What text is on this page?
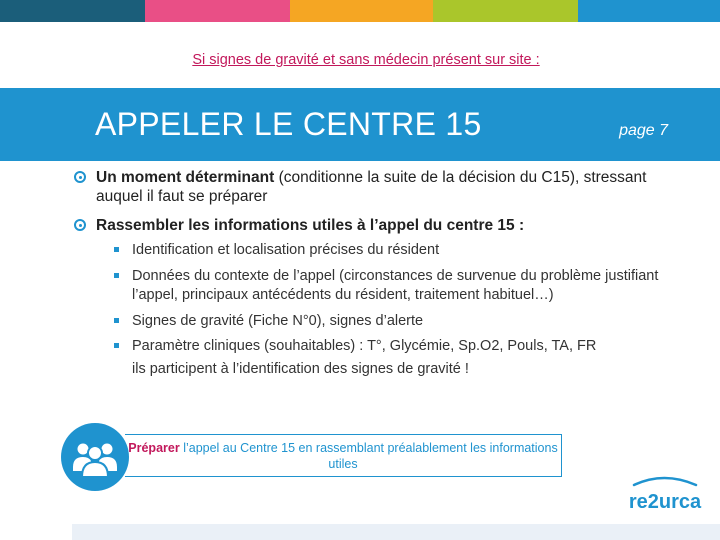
Si signes de gravité et sans médecin présent sur site :
APPELER LE CENTRE 15	page 7
Un moment déterminant (conditionne la suite de la décision du C15), stressant auquel il faut se préparer
Rassembler les informations utiles à l’appel du centre 15 :
Identification et localisation précises du résident
Données du contexte de l’appel (circonstances de survenue du problème justifiant l’appel, principaux antécédents du résident, traitement habituel…)
Signes de gravité (Fiche N°0), signes d’alerte
Paramètre cliniques (souhaitables) : T°, Glycémie, Sp.O2, Pouls, TA, FR
ils participent à l’identification des signes de gravité !
Préparer l’appel au Centre 15 en rassemblant préalablement les informations utiles
re2urca
